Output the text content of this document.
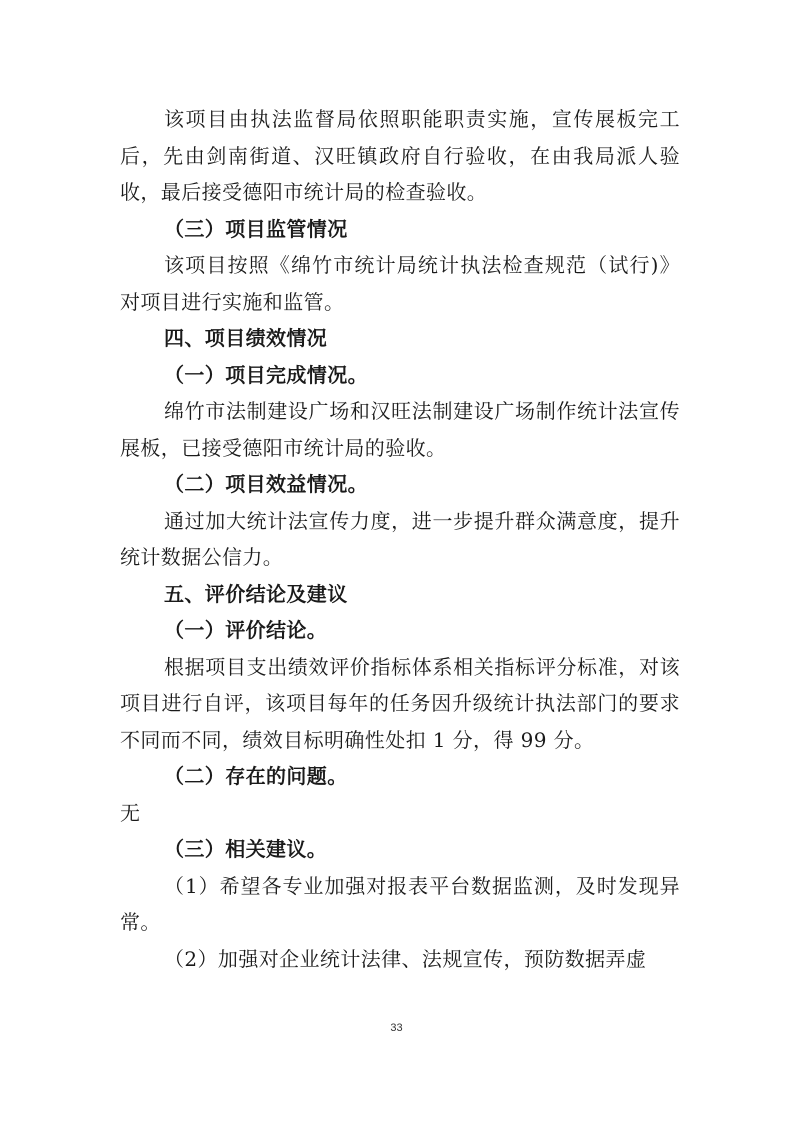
该项目由执法监督局依照职能职责实施，宣传展板完工后，先由剑南街道、汉旺镇政府自行验收，在由我局派人验收，最后接受德阳市统计局的检查验收。

（三）项目监管情况

该项目按照《绵竹市统计局统计执法检查规范（试行)》对项目进行实施和监管。

四、项目绩效情况

（一）项目完成情况。

绵竹市法制建设广场和汉旺法制建设广场制作统计法宣传展板，已接受德阳市统计局的验收。

（二）项目效益情况。

通过加大统计法宣传力度，进一步提升群众满意度，提升统计数据公信力。

五、评价结论及建议

（一）评价结论。

根据项目支出绩效评价指标体系相关指标评分标准，对该项目进行自评，该项目每年的任务因升级统计执法部门的要求不同而不同，绩效目标明确性处扣 1 分，得 99 分。

（二）存在的问题。

无

（三）相关建议。

（1）希望各专业加强对报表平台数据监测，及时发现异常。

（2）加强对企业统计法律、法规宣传，预防数据弄虚

33
